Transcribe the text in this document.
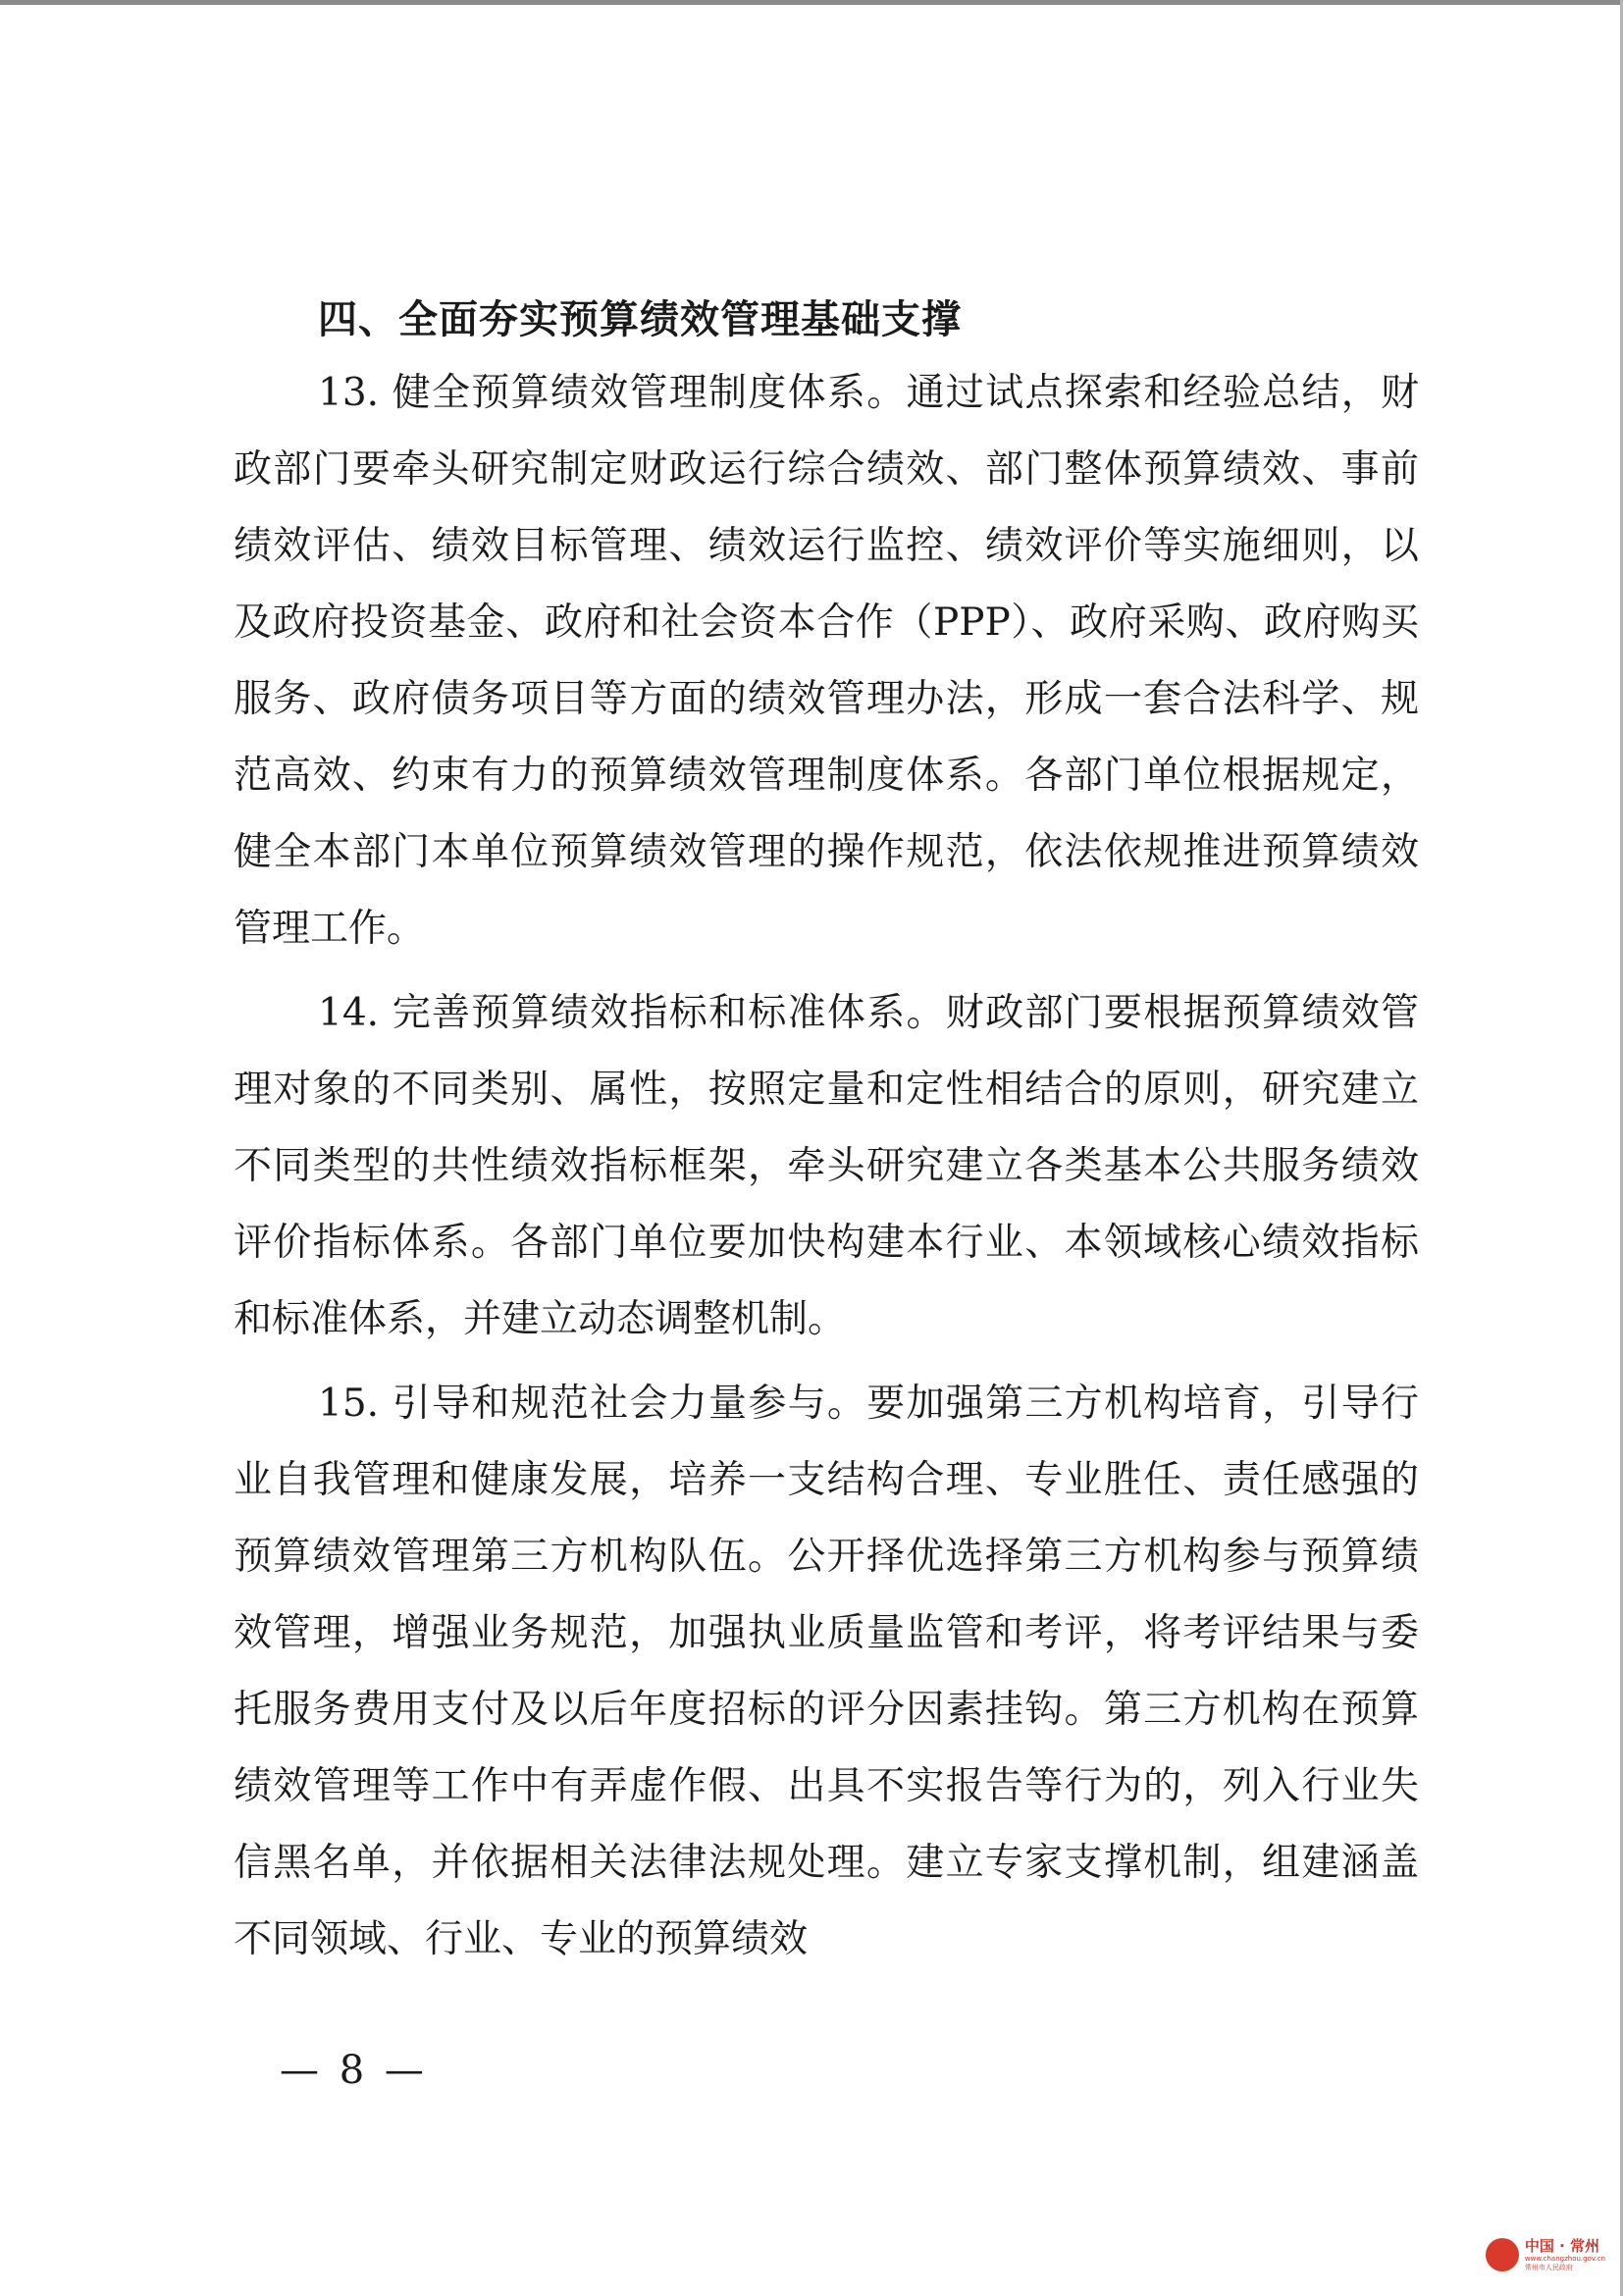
四、全面夯实预算绩效管理基础支撑

13. 健全预算绩效管理制度体系。通过试点探索和经验总结，财政部门要牵头研究制定财政运行综合绩效、部门整体预算绩效、事前绩效评估、绩效目标管理、绩效运行监控、绩效评价等实施细则，以及政府投资基金、政府和社会资本合作（PPP）、政府采购、政府购买服务、政府债务项目等方面的绩效管理办法，形成一套合法科学、规范高效、约束有力的预算绩效管理制度体系。各部门单位根据规定，健全本部门本单位预算绩效管理的操作规范，依法依规推进预算绩效管理工作。

14. 完善预算绩效指标和标准体系。财政部门要根据预算绩效管理对象的不同类别、属性，按照定量和定性相结合的原则，研究建立不同类型的共性绩效指标框架，牵头研究建立各类基本公共服务绩效评价指标体系。各部门单位要加快构建本行业、本领域核心绩效指标和标准体系，并建立动态调整机制。

15. 引导和规范社会力量参与。要加强第三方机构培育，引导行业自我管理和健康发展，培养一支结构合理、专业胜任、责任感强的预算绩效管理第三方机构队伍。公开择优选择第三方机构参与预算绩效管理，增强业务规范，加强执业质量监管和考评，将考评结果与委托服务费用支付及以后年度招标的评分因素挂钩。第三方机构在预算绩效管理等工作中有弄虚作假、出具不实报告等行为的，列入行业失信黑名单，并依据相关法律法规处理。建立专家支撑机制，组建涵盖不同领域、行业、专业的预算绩效

— 8 —
中国 · 常州
www.changzhou.gov.cn
常州市人民政府
